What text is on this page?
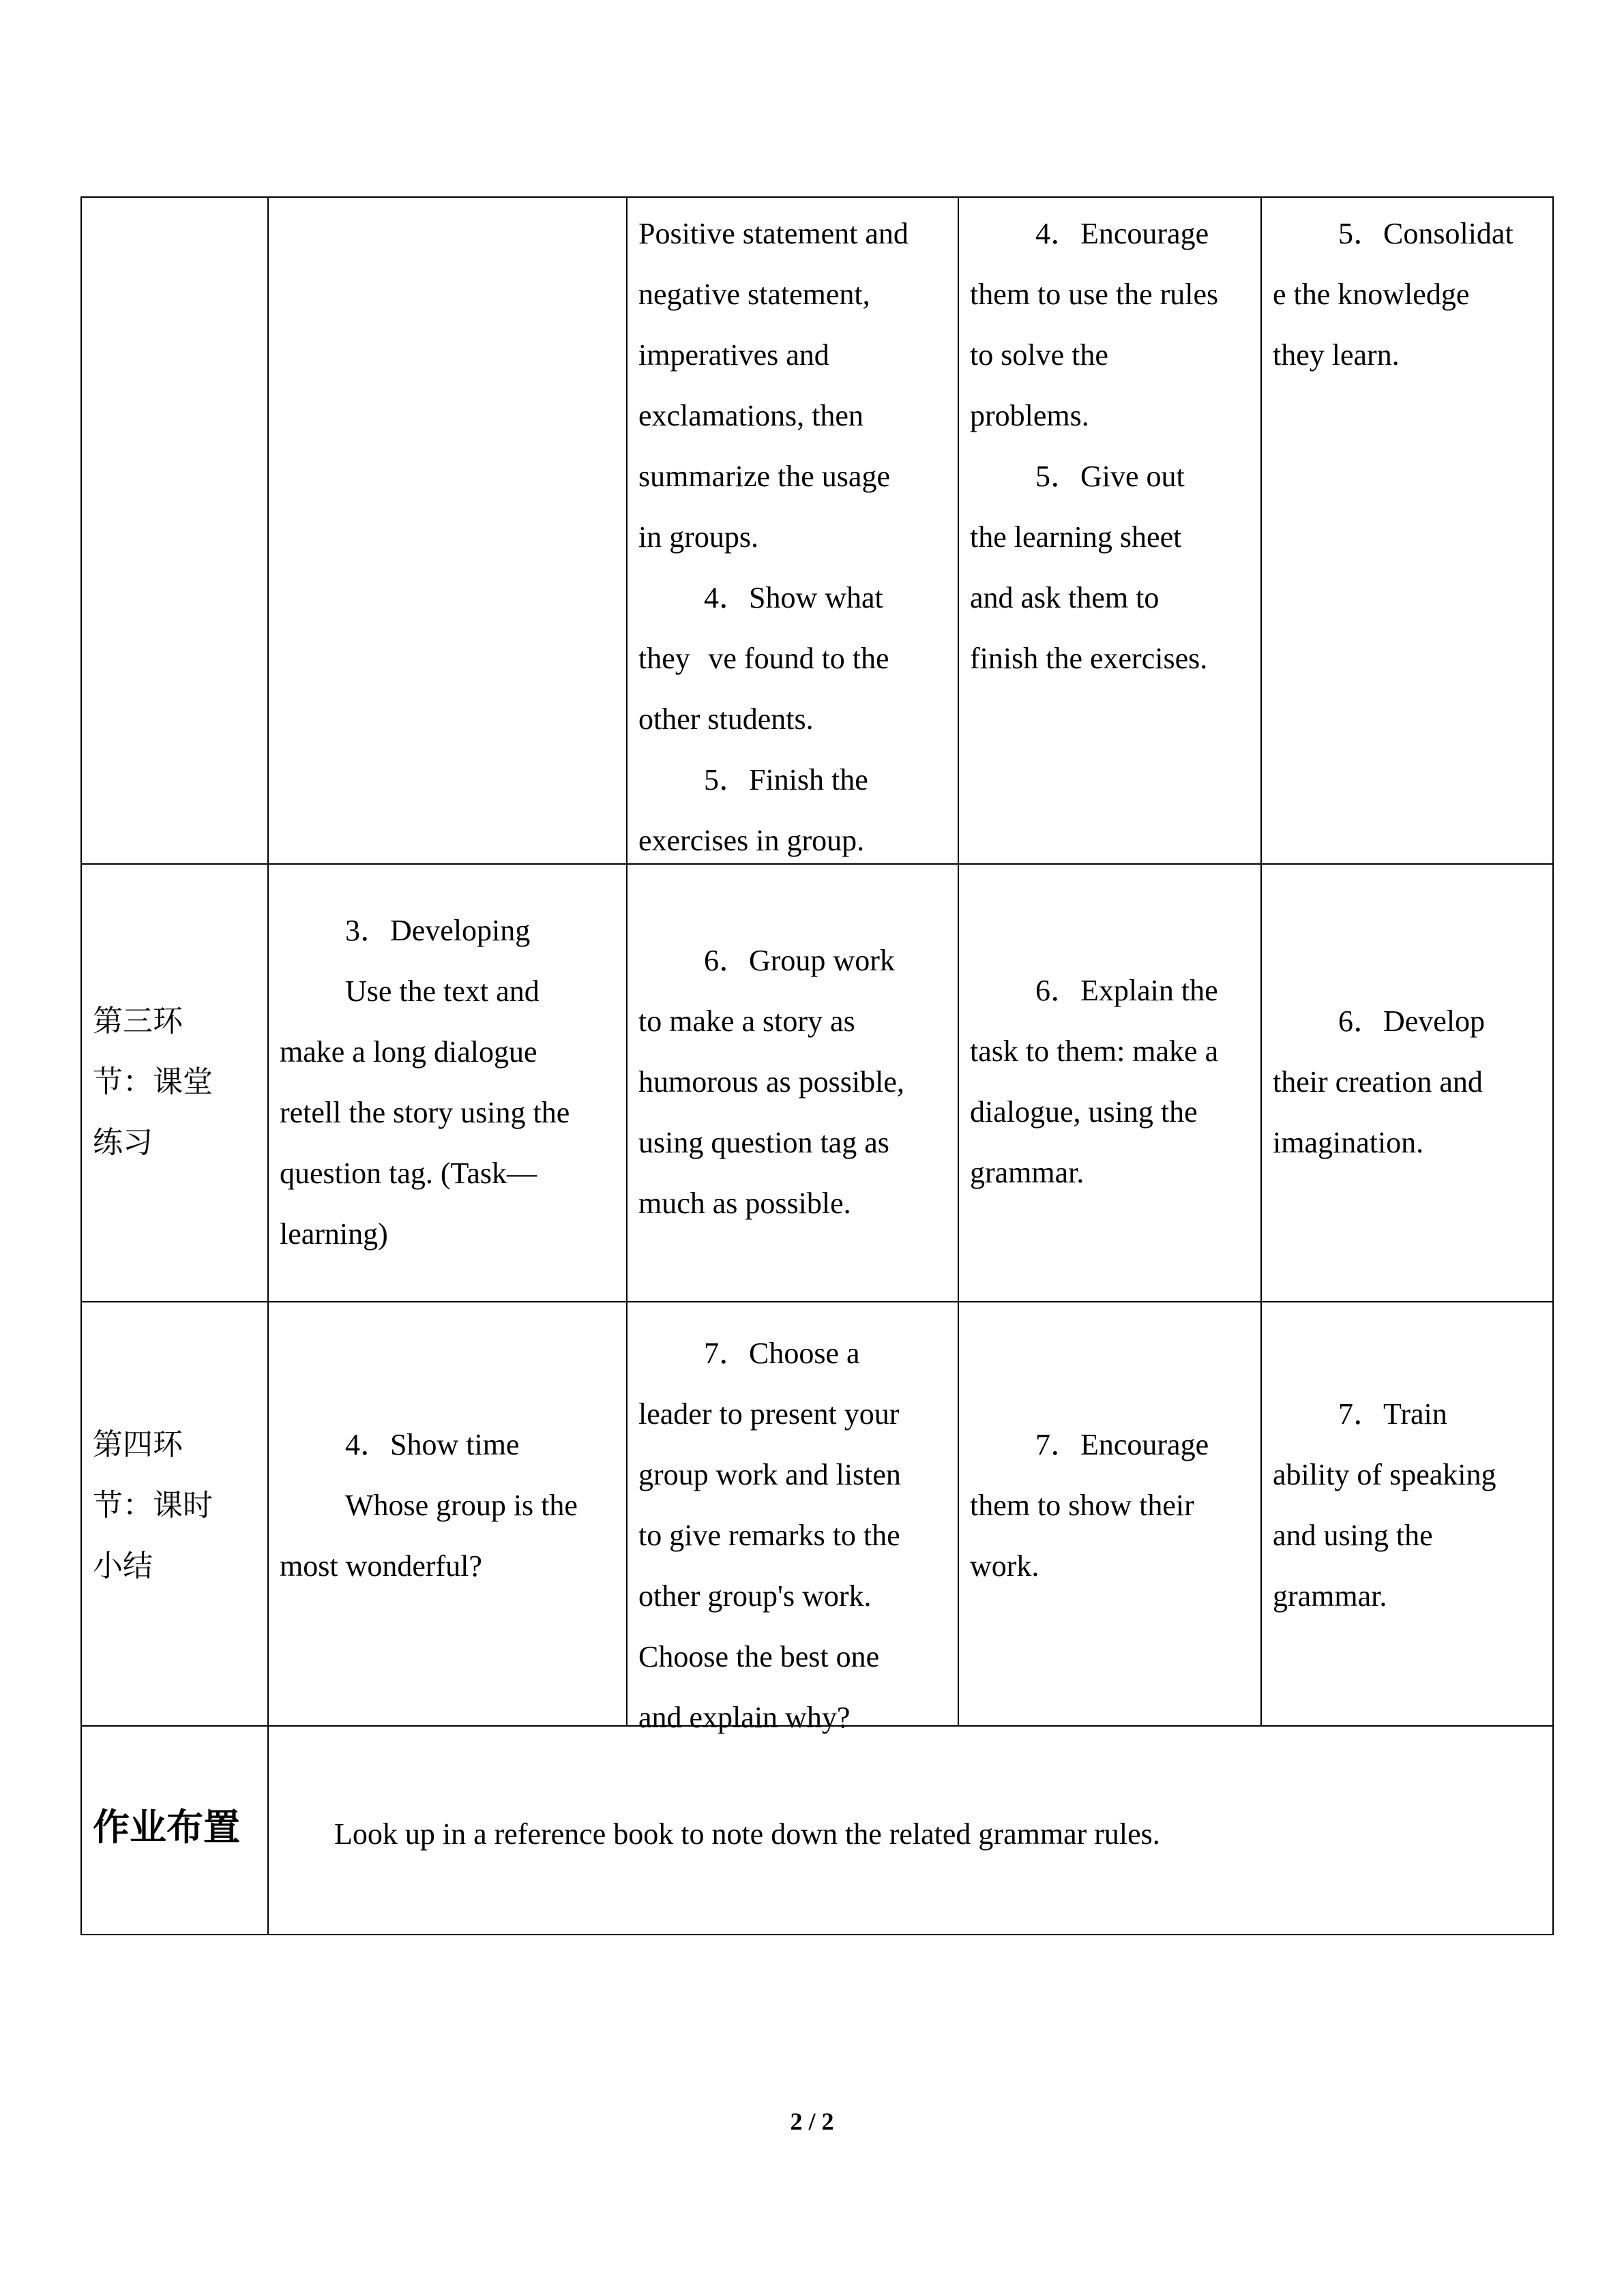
Positive statement and

negative statement,

imperatives and

exclamations, then

summarize the usage

in groups.

4．Show what

theyve found to the

other students.

5．Finish the

exercises in group.

4．Encourage

them to use the rules

to solve the

problems.

5．Give out

the learning sheet

and ask them to

finish the exercises.

5．Consolidat

e the knowledge

they learn.

第三环

节：课堂

练习

3．Developing

Use the text and

make a long dialogue

retell the story using the

question tag. (Task—

learning)

6．Group work

to make a story as

humorous as possible,

using question tag as

much as possible.

6．Explain the

task to them: make a

dialogue, using the

grammar.

6．Develop

their creation and

imagination.

第四环

节：课时

小结

4．Show time

Whose group is the

most wonderful?

7．Choose a

leader to present your

group work and listen

to give remarks to the

other group's work.

Choose the best one

and explain why?

7．Encourage

them to show their

work.

7．Train

ability of speaking

and using the

grammar.

作业布置	Look up in a reference book to note down the related grammar rules.
2 / 2
